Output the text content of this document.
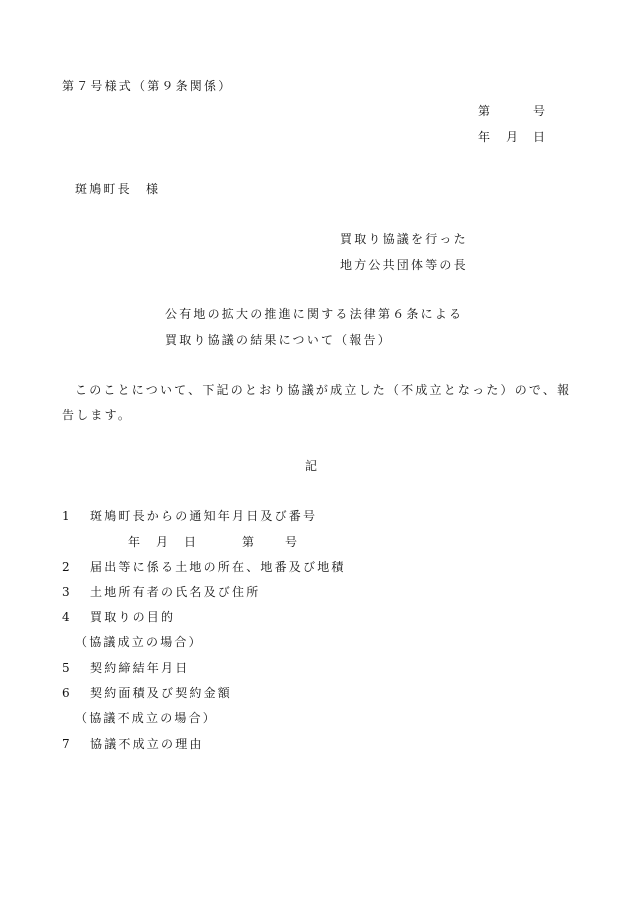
第７号様式（第９条関係）
第	号
年 月 日
斑鳩町長　様
買取り協議を行った
地方公共団体等の長
公有地の拡大の推進に関する法律第６条による
買取り協議の結果について（報告）
このことについて、下記のとおり協議が成立した（不成立となった）ので、報
告します。
記
1 斑鳩町長からの通知年月日及び番号
年 月 日	第 号
2 届出等に係る土地の所在、地番及び地積
3 土地所有者の氏名及び住所
4 買取りの目的
（協議成立の場合）
5 契約締結年月日
6 契約面積及び契約金額
（協議不成立の場合）
7 協議不成立の理由
